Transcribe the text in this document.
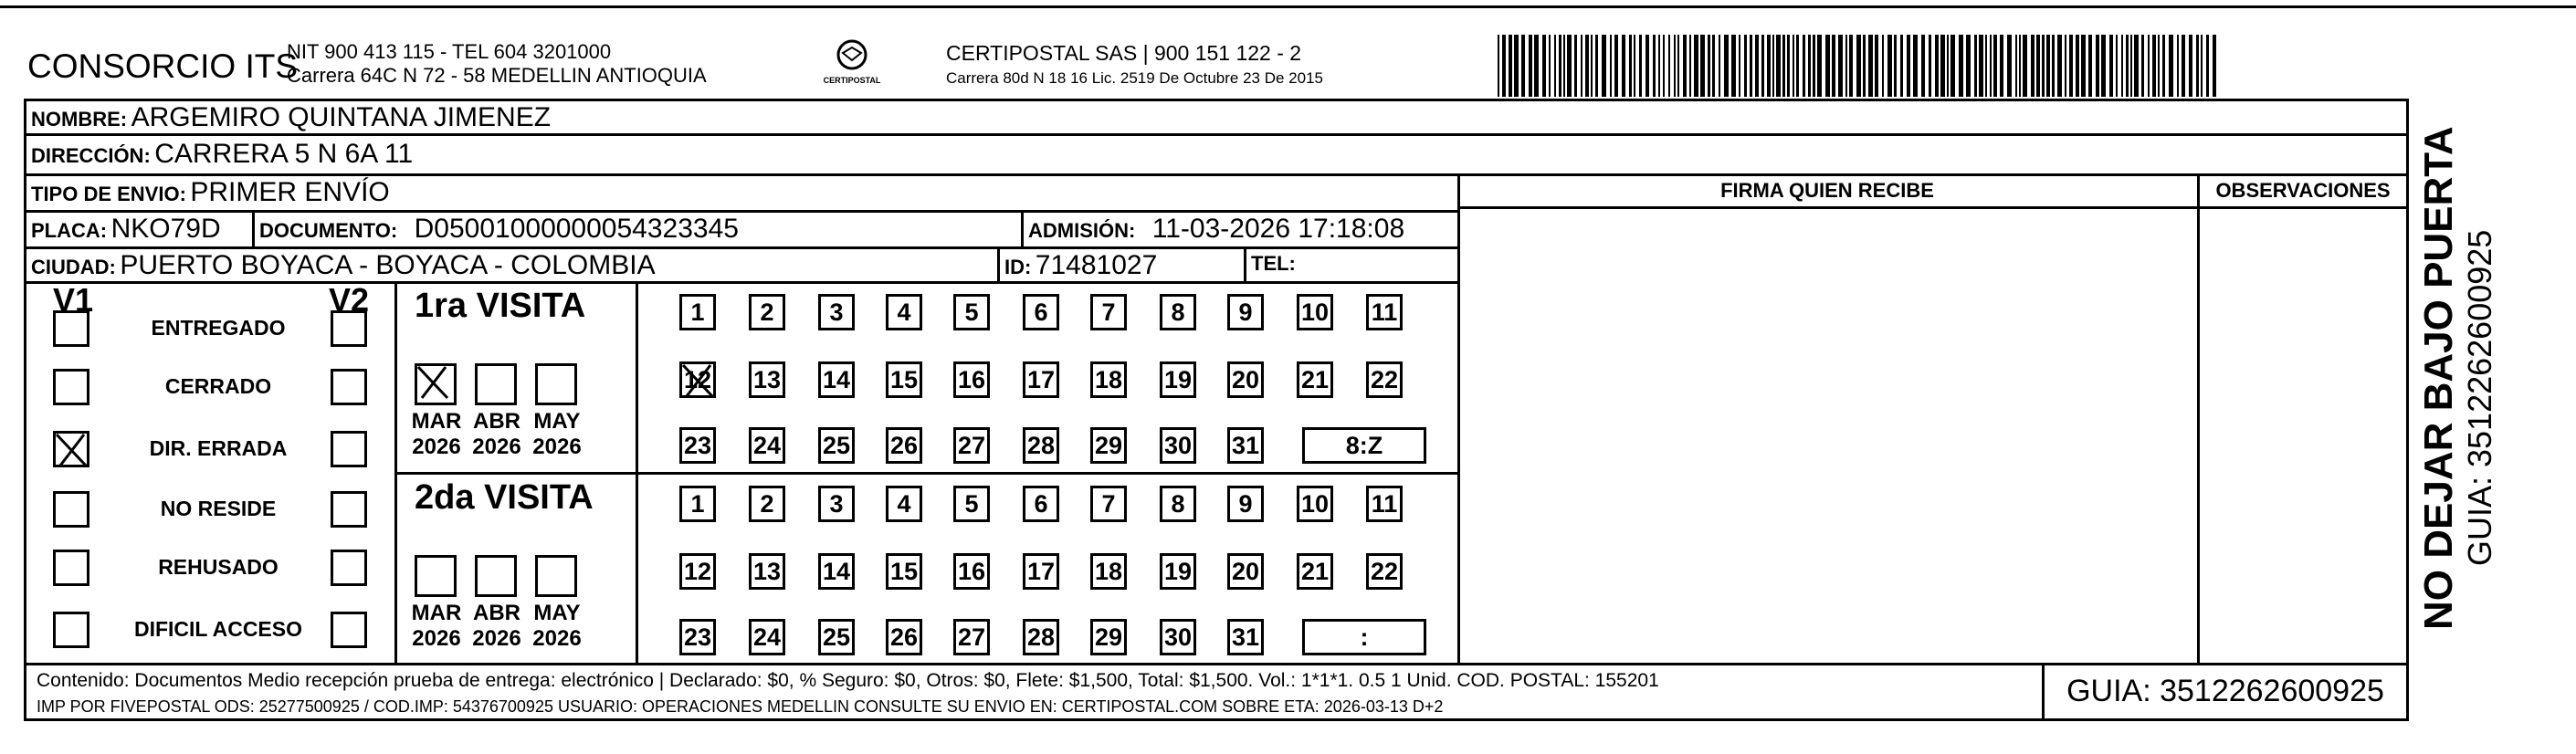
CONSORCIO ITS
NIT 900 413 115 - TEL 604 3201000
Carrera 64C N 72 - 58 MEDELLIN ANTIOQUIA	CERTIPOSTAL
CERTIPOSTAL SAS | 900 151 122 - 2
Carrera 80d N 18 16 Lic. 2519 De Octubre 23 De 2015
NOMBRE: ARGEMIRO QUINTANA JIMENEZ
DIRECCIÓN: CARRERA 5 N 6A 11
TIPO DE ENVIO: PRIMER ENVÍO
PLACA: NKO79D DOCUMENTO: D05001000000054323345	ADMISIÓN: 11-03-2026 17:18:08
CIUDAD: PUERTO BOYACA - BOYACA - COLOMBIA	ID: 71481027	TEL:
FIRMA QUIEN RECIBE	OBSERVACIONES
V1	V2
ENTREGADO
CERRADO
DIR. ERRADA
NO RESIDE
REHUSADO
DIFICIL ACCESO
1ra VISITA
2da VISITA
MAR
2026
ABR
2026
MAY
2026
1	2	3	4	5	6	7	8	9	10 11
12 13 14 15 16 17 18 19 20 21 22
23 24 25 26 27 28 29 30 31	8:Z
MAR
2026
ABR
2026
MAY
2026
1	2	3	4	5	6	7	8	9	10 11
12 13 14 15 16 17 18 19 20 21 22
23 24 25 26 27 28 29 30 31	:
Contenido: Documentos Medio recepción prueba de entrega: electrónico | Declarado: $0, % Seguro: $0, Otros: $0, Flete: $1,500, Total: $1,500. Vol.: 1*1*1. 0.5 1 Unid. COD. POSTAL: 155201
IMP POR FIVEPOSTAL ODS: 25277500925 / COD.IMP: 54376700925 USUARIO: OPERACIONES MEDELLIN CONSULTE SU ENVIO EN: CERTIPOSTAL.COM SOBRE ETA: 2026-03-13 D+2	GUIA: 3512262600925
NO DEJAR BAJO PUERTA GUIA: 3512262600925
